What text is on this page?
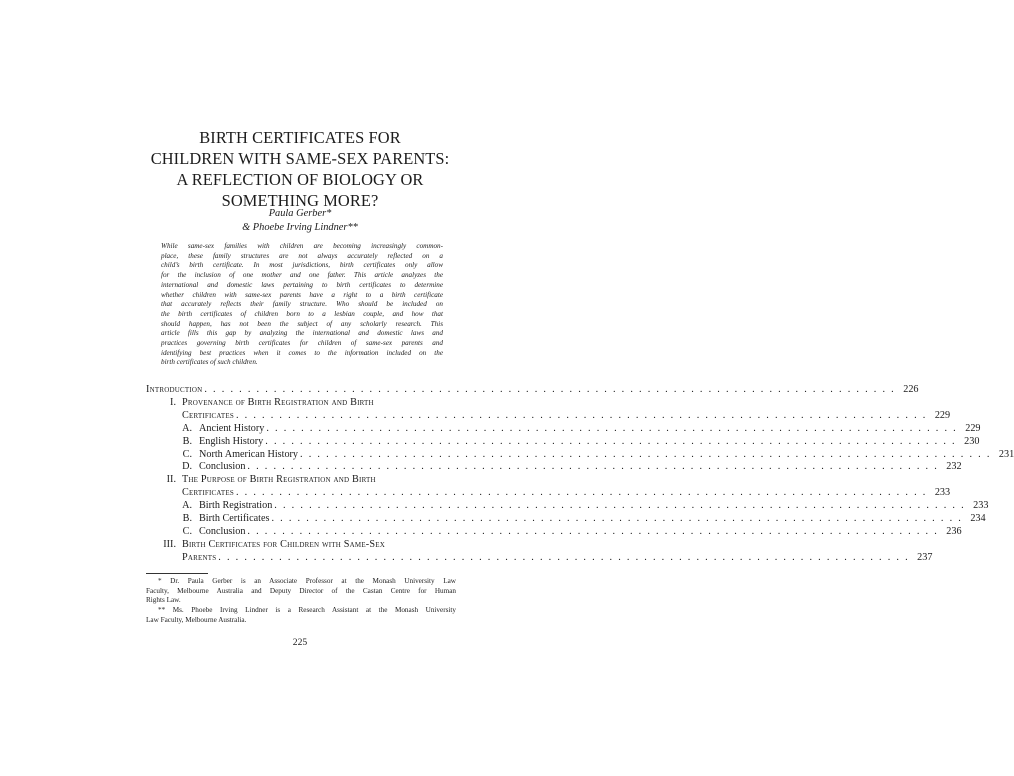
BIRTH CERTIFICATES FOR
CHILDREN WITH SAME-SEX PARENTS:
A REFLECTION OF BIOLOGY OR
SOMETHING MORE?
Paula Gerber*
& Phoebe Irving Lindner**
While same-sex families with children are becoming increasingly common-
place, these family structures are not always accurately reflected on a
child’s birth certificate. In most jurisdictions, birth certificates only allow
for the inclusion of one mother and one father. This article analyzes the
international and domestic laws pertaining to birth certificates to determine
whether children with same-sex parents have a right to a birth certificate
that accurately reflects their family structure. Who should be included on
the birth certificates of children born to a lesbian couple, and how that
should happen, has not been the subject of any scholarly research. This
article fills this gap by analyzing the international and domestic laws and
practices governing birth certificates for children of same-sex parents and
identifying best practices when it comes to the information included on the
birth certificates of such children.
Introduction . . . . . . . . . . . . . . . . . . . . . . . . . . . . . . . . . . . . . . . . . . . . . . . . . . . . . . . . . . . . . . . . . . . . . . . . . . . . . . . . 226
I. Provenance of Birth Registration and Birth
Certificates . . . . . . . . . . . . . . . . . . . . . . . . . . . . . . . . . . . . . . . . . . . . . . . . . . . . . . . . . . . . . . . . . . . . . . . . . . . . . . . . 229
A. Ancient History . . . . . . . . . . . . . . . . . . . . . . . . . . . . . . . . . . . . . . . . . . . . . . . . . . . . . . . . . . . . . . . . . . . . . . . . . . . . . . . . 229
B. English History . . . . . . . . . . . . . . . . . . . . . . . . . . . . . . . . . . . . . . . . . . . . . . . . . . . . . . . . . . . . . . . . . . . . . . . . . . . . . . . . 230
C. North American History . . . . . . . . . . . . . . . . . . . . . . . . . . . . . . . . . . . . . . . . . . . . . . . . . . . . . . . . . . . . . . . . . . . . . . . . . . . . . . . . 231
D. Conclusion . . . . . . . . . . . . . . . . . . . . . . . . . . . . . . . . . . . . . . . . . . . . . . . . . . . . . . . . . . . . . . . . . . . . . . . . . . . . . . . . 232
II. The Purpose of Birth Registration and Birth
Certificates . . . . . . . . . . . . . . . . . . . . . . . . . . . . . . . . . . . . . . . . . . . . . . . . . . . . . . . . . . . . . . . . . . . . . . . . . . . . . . . . 233
A. Birth Registration . . . . . . . . . . . . . . . . . . . . . . . . . . . . . . . . . . . . . . . . . . . . . . . . . . . . . . . . . . . . . . . . . . . . . . . . . . . . . . . . 233
B. Birth Certificates . . . . . . . . . . . . . . . . . . . . . . . . . . . . . . . . . . . . . . . . . . . . . . . . . . . . . . . . . . . . . . . . . . . . . . . . . . . . . . . . 234
C. Conclusion . . . . . . . . . . . . . . . . . . . . . . . . . . . . . . . . . . . . . . . . . . . . . . . . . . . . . . . . . . . . . . . . . . . . . . . . . . . . . . . . 236
III. Birth Certificates for Children with Same-Sex
Parents . . . . . . . . . . . . . . . . . . . . . . . . . . . . . . . . . . . . . . . . . . . . . . . . . . . . . . . . . . . . . . . . . . . . . . . . . . . . . . . . 237
* Dr. Paula Gerber is an Associate Professor at the Monash University Law
Faculty, Melbourne Australia and Deputy Director of the Castan Centre for Human
Rights Law.
** Ms. Phoebe Irving Lindner is a Research Assistant at the Monash University
Law Faculty, Melbourne Australia.
225
